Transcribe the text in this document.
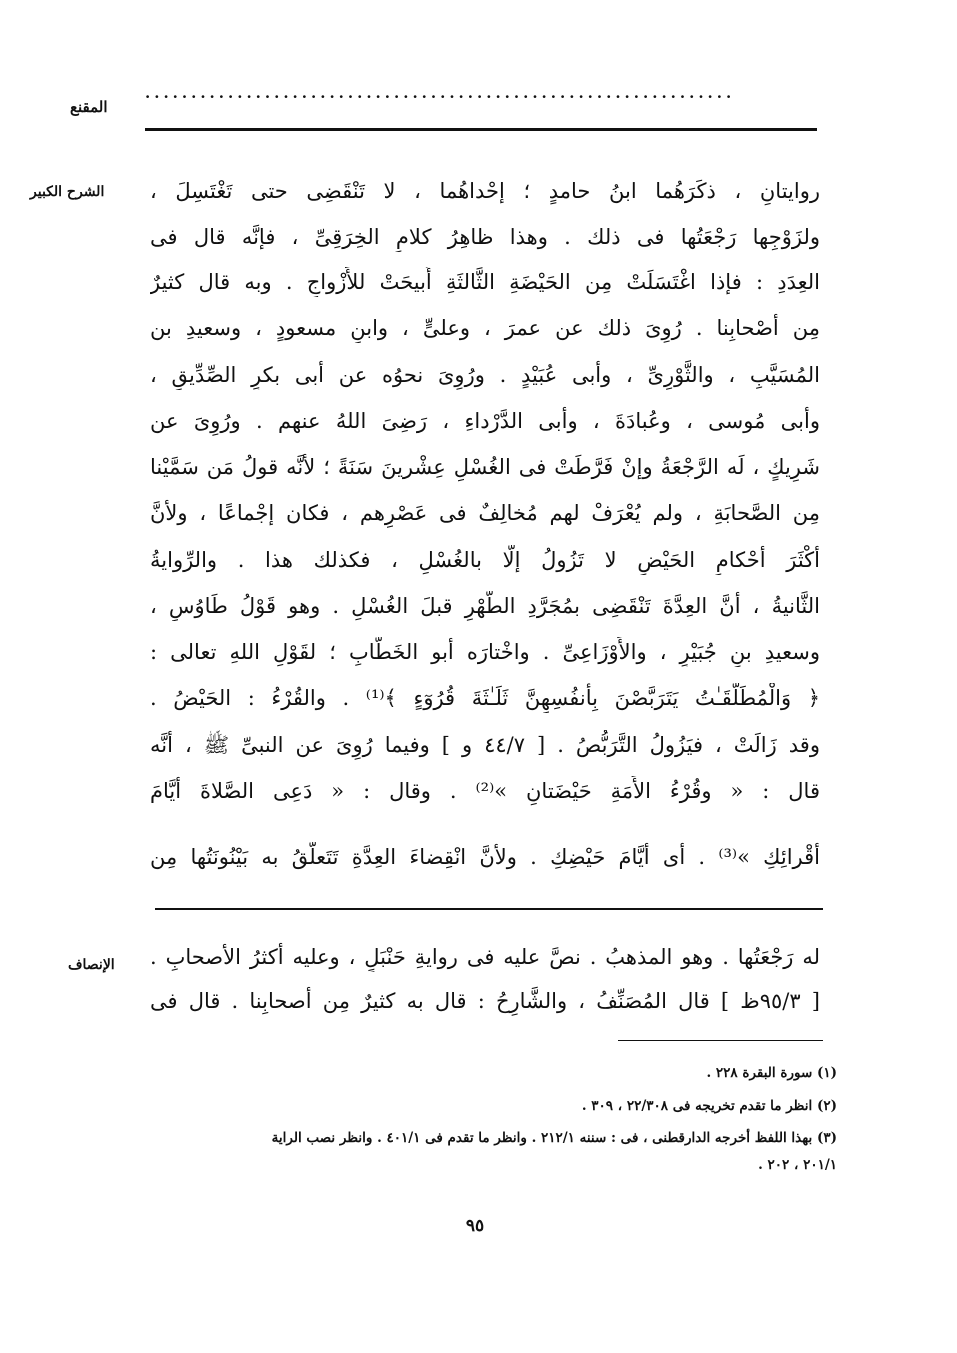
المقنع
................................................................
الشرح الكبير	روايتانِ ، ذكَرَهُما ابنُ حامدٍ ؛ إحْداهُما ، لا تَنْقَضِى حتى تَغْتَسِلَ ،
ولزَوْجِها رَجْعَتُها فى ذلك . وهذا ظاهِرُ كلامِ الخِرَقِىِّ ، فإنَّه قال فى
العِدَدِ : فإذا اغْتَسَلَتْ مِن الحَيْضَةِ الثَّالثَةِ أُبيحَتْ للأَزْواجِ . وبه قال كثيرٌ
مِن أصْحابِنا . رُوِىَ ذلك عن عمرَ ، وعلىٍّ ، وابنِ مسعودٍ ، وسعيدِ بن
المُسَيَّبِ ، والثَّوْرِىِّ ، وأبى عُبَيْدٍ . ورُوِىَ نحوُه عن أبى بكرٍ الصِّدِّيقِ ،
وأبى مُوسى ، وعُبادَةَ ، وأبى الدَّرْداءِ ، رَضِىَ اللهُ عنهم . ورُوِىَ عن
شَرِيكٍ ، لَه الرَّجْعَةُ وإنْ فَرَّطَتْ فى الغُسْلِ عِشْرينَ سَنَةً ؛ لأنَّه قولُ مَن سَمَّيْنا
مِن الصَّحابَةِ ، ولم يُعْرَفْ لهم مُخالِفٌ فى عَصْرِهم ، فكان إجْماعًا ، ولأنَّ
أكْثَرَ أحْكامِ الحَيْضِ لا تَزُولُ إلَّا بالغُسْلِ ، فكذلك هذا . والرِّوايةُ
الثَّانيةُ ، أنَّ العِدَّةَ تَنْقَضِى بمُجَرَّدِ الطُّهْرِ قبلَ الغُسْلِ . وهو قَوْلُ طَاوُسٍ ،
وسعيدِ بنِ جُبَيْرٍ ، والأَوْزَاعِىِّ . واخْتارَه أبو الخَطَّابِ ؛ لقَوْلِ اللهِ تعالى :
﴿ وَالْمُطَلَّقَـٰتُ يَتَرَبَّصْنَ بِأَنفُسِهِنَّ ثَلَـٰثَةَ قُرُوٓءٍ ﴾⁽¹⁾ . والقُرْءُ : الحَيْضُ .
وقد زَالَتْ ، فيَزُولُ التَّرَبُّصُ . [ ٤٤/٧ و ] وفيما رُوِىَ عن النبىِّ ﷺ ، أنَّه
قال : « وقُرْءُ الأَمَةِ حَيْضَتانِ »⁽²⁾ . وقال : « دَعِى الصَّلاةَ أيَّامَ
أقْرائِكِ »⁽³⁾ . أى أيَّامَ حَيْضِكِ . ولأنَّ انْقِضاءَ العِدَّةِ تَتَعلَّقُ به بَيْنُونَتُها مِن
الإنصاف	له رَجْعَتُها . وهو المذهبُ . نصَّ عليه فى روايةِ حَنْبَلٍ ، وعليه أكثرُ الأصحابِ .
[ ٩٥/٣ظ ] قال المُصَنِّفُ ، والشَّارِحُ : قال به كثيرٌ مِن أصحابِنا . قال فى
(١) سورة البقرة ٢٢٨ .
(٢) انظر ما تقدم تخريجه فى ٢٢/٣٠٨ ، ٣٠٩ .
(٣) بهذا اللفظ أخرجه الدارقطنى ، فى : سننه ٢١٢/١ . وانظر ما تقدم فى ٤٠١/١ . وانظر نصب الراية
٢٠١/١ ، ٢٠٢ .
٩٥
